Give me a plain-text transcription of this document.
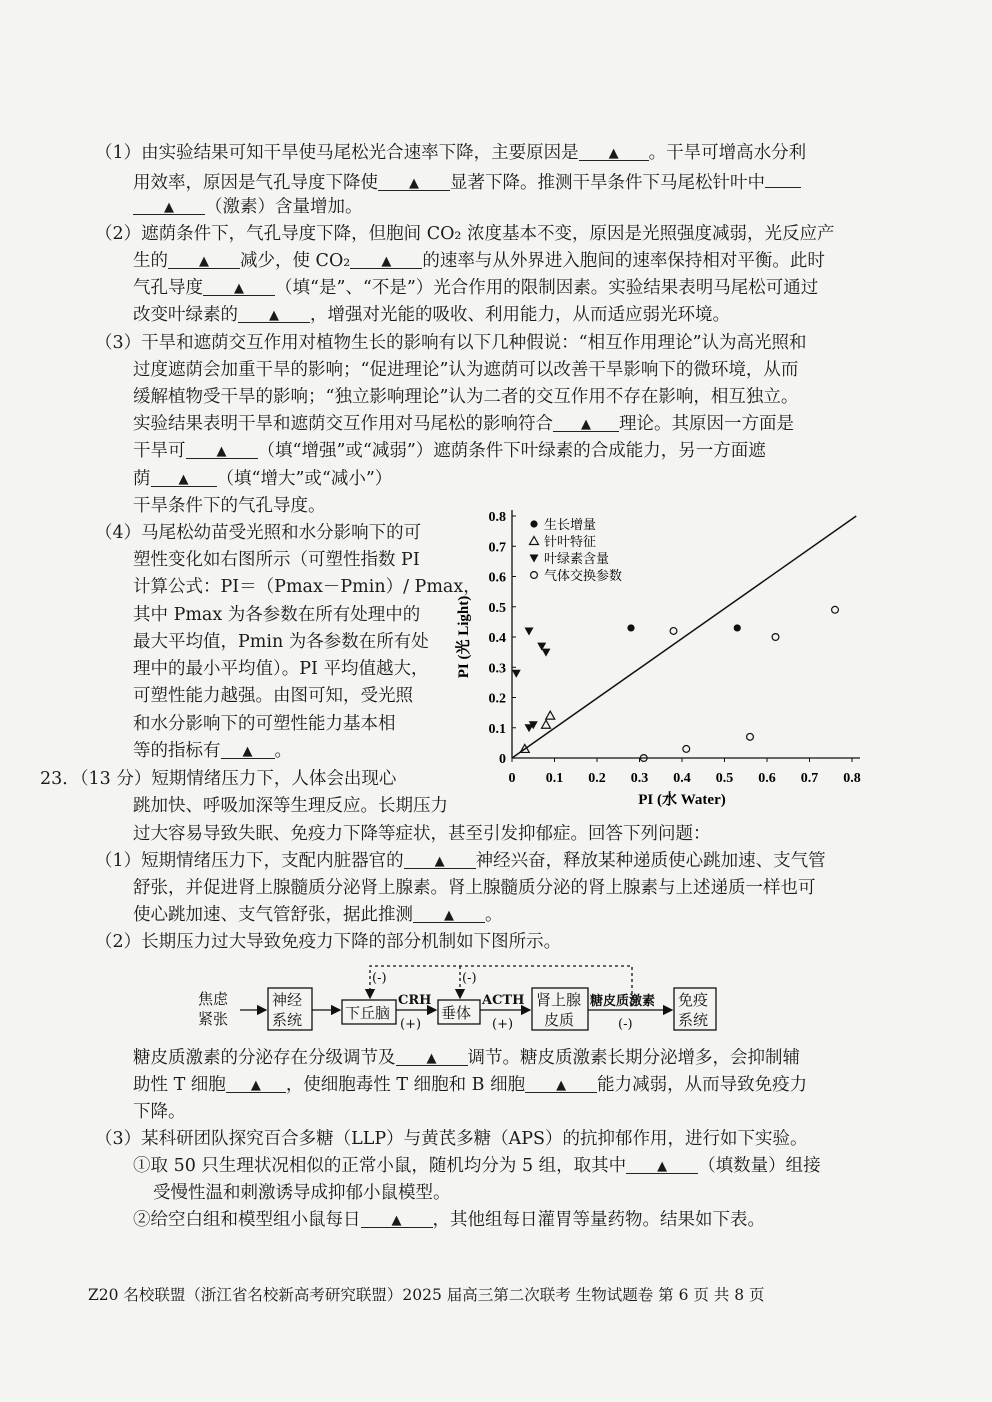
（1）由实验结果可知干旱使马尾松光合速率下降，主要原因是 ▲ 。干旱可增高水分利
用效率，原因是气孔导度下降使 ▲ 显著下降。推测干旱条件下马尾松针叶中
▲ （激素）含量增加。
（2）遮荫条件下，气孔导度下降，但胞间 CO₂ 浓度基本不变，原因是光照强度减弱，光反应产
生的 ▲ 减少，使 CO₂ ▲ 的速率与从外界进入胞间的速率保持相对平衡。此时
气孔导度 ▲ （填“是”、“不是”）光合作用的限制因素。实验结果表明马尾松可通过
改变叶绿素的 ▲ ，增强对光能的吸收、利用能力，从而适应弱光环境。
（3）干旱和遮荫交互作用对植物生长的影响有以下几种假说：“相互作用理论”认为高光照和
过度遮荫会加重干旱的影响；“促进理论”认为遮荫可以改善干旱影响下的微环境，从而
缓解植物受干旱的影响；“独立影响理论”认为二者的交互作用不存在影响，相互独立。
实验结果表明干旱和遮荫交互作用对马尾松的影响符合 ▲ 理论。其原因一方面是
干旱可 ▲ （填“增强”或“减弱”）遮荫条件下叶绿素的合成能力，另一方面遮
荫 ▲ （填“增大”或“减小”）
干旱条件下的气孔导度。
（4）马尾松幼苗受光照和水分影响下的可
塑性变化如右图所示（可塑性指数 PI
计算公式：PI＝（Pmax－Pmin）/ Pmax，
其中 Pmax 为各参数在所有处理中的
最大平均值，Pmin 为各参数在所有处
理中的最小平均值）。PI 平均值越大，
可塑性能力越强。由图可知，受光照
和水分影响下的可塑性能力基本相
等的指标有 ▲ 。
0 0.1 0.2 0.3 0.4 0.5 0.6 0.7 0.8
0
0.1
0.2
0.3
0.4
0.5
0.6
0.7
0.8
PI (水 Water)
PI (光 Light)
生长增量
针叶特征
叶绿素含量
气体交换参数
23．（13 分）短期情绪压力下，人体会出现心
跳加快、呼吸加深等生理反应。长期压力
过大容易导致失眠、免疫力下降等症状，甚至引发抑郁症。回答下列问题：
（1）短期情绪压力下，支配内脏器官的 ▲ 神经兴奋，释放某种递质使心跳加速、支气管
舒张，并促进肾上腺髓质分泌肾上腺素。肾上腺髓质分泌的肾上腺素与上述递质一样也可
使心跳加速、支气管舒张，据此推测 ▲ 。
（2）长期压力过大导致免疫力下降的部分机制如下图所示。
焦虑
紧张
神经
系统	下丘脑	垂体
肾上腺
皮质
免疫
系统
CRH
(+)
ACTH
(+)
糖皮质激素
(-)
(-)	(-)
糖皮质激素的分泌存在分级调节及 ▲ 调节。糖皮质激素长期分泌增多，会抑制辅
助性 T 细胞 ▲ ，使细胞毒性 T 细胞和 B 细胞 ▲ 能力减弱，从而导致免疫力
下降。
（3）某科研团队探究百合多糖（LLP）与黄芪多糖（APS）的抗抑郁作用，进行如下实验。
①取 50 只生理状况相似的正常小鼠，随机均分为 5 组，取其中 ▲ （填数量）组接
受慢性温和刺激诱导成抑郁小鼠模型。
②给空白组和模型组小鼠每日 ▲ ，其他组每日灌胃等量药物。结果如下表。
Z20 名校联盟（浙江省名校新高考研究联盟）2025 届高三第二次联考 生物试题卷 第 6 页 共 8 页
